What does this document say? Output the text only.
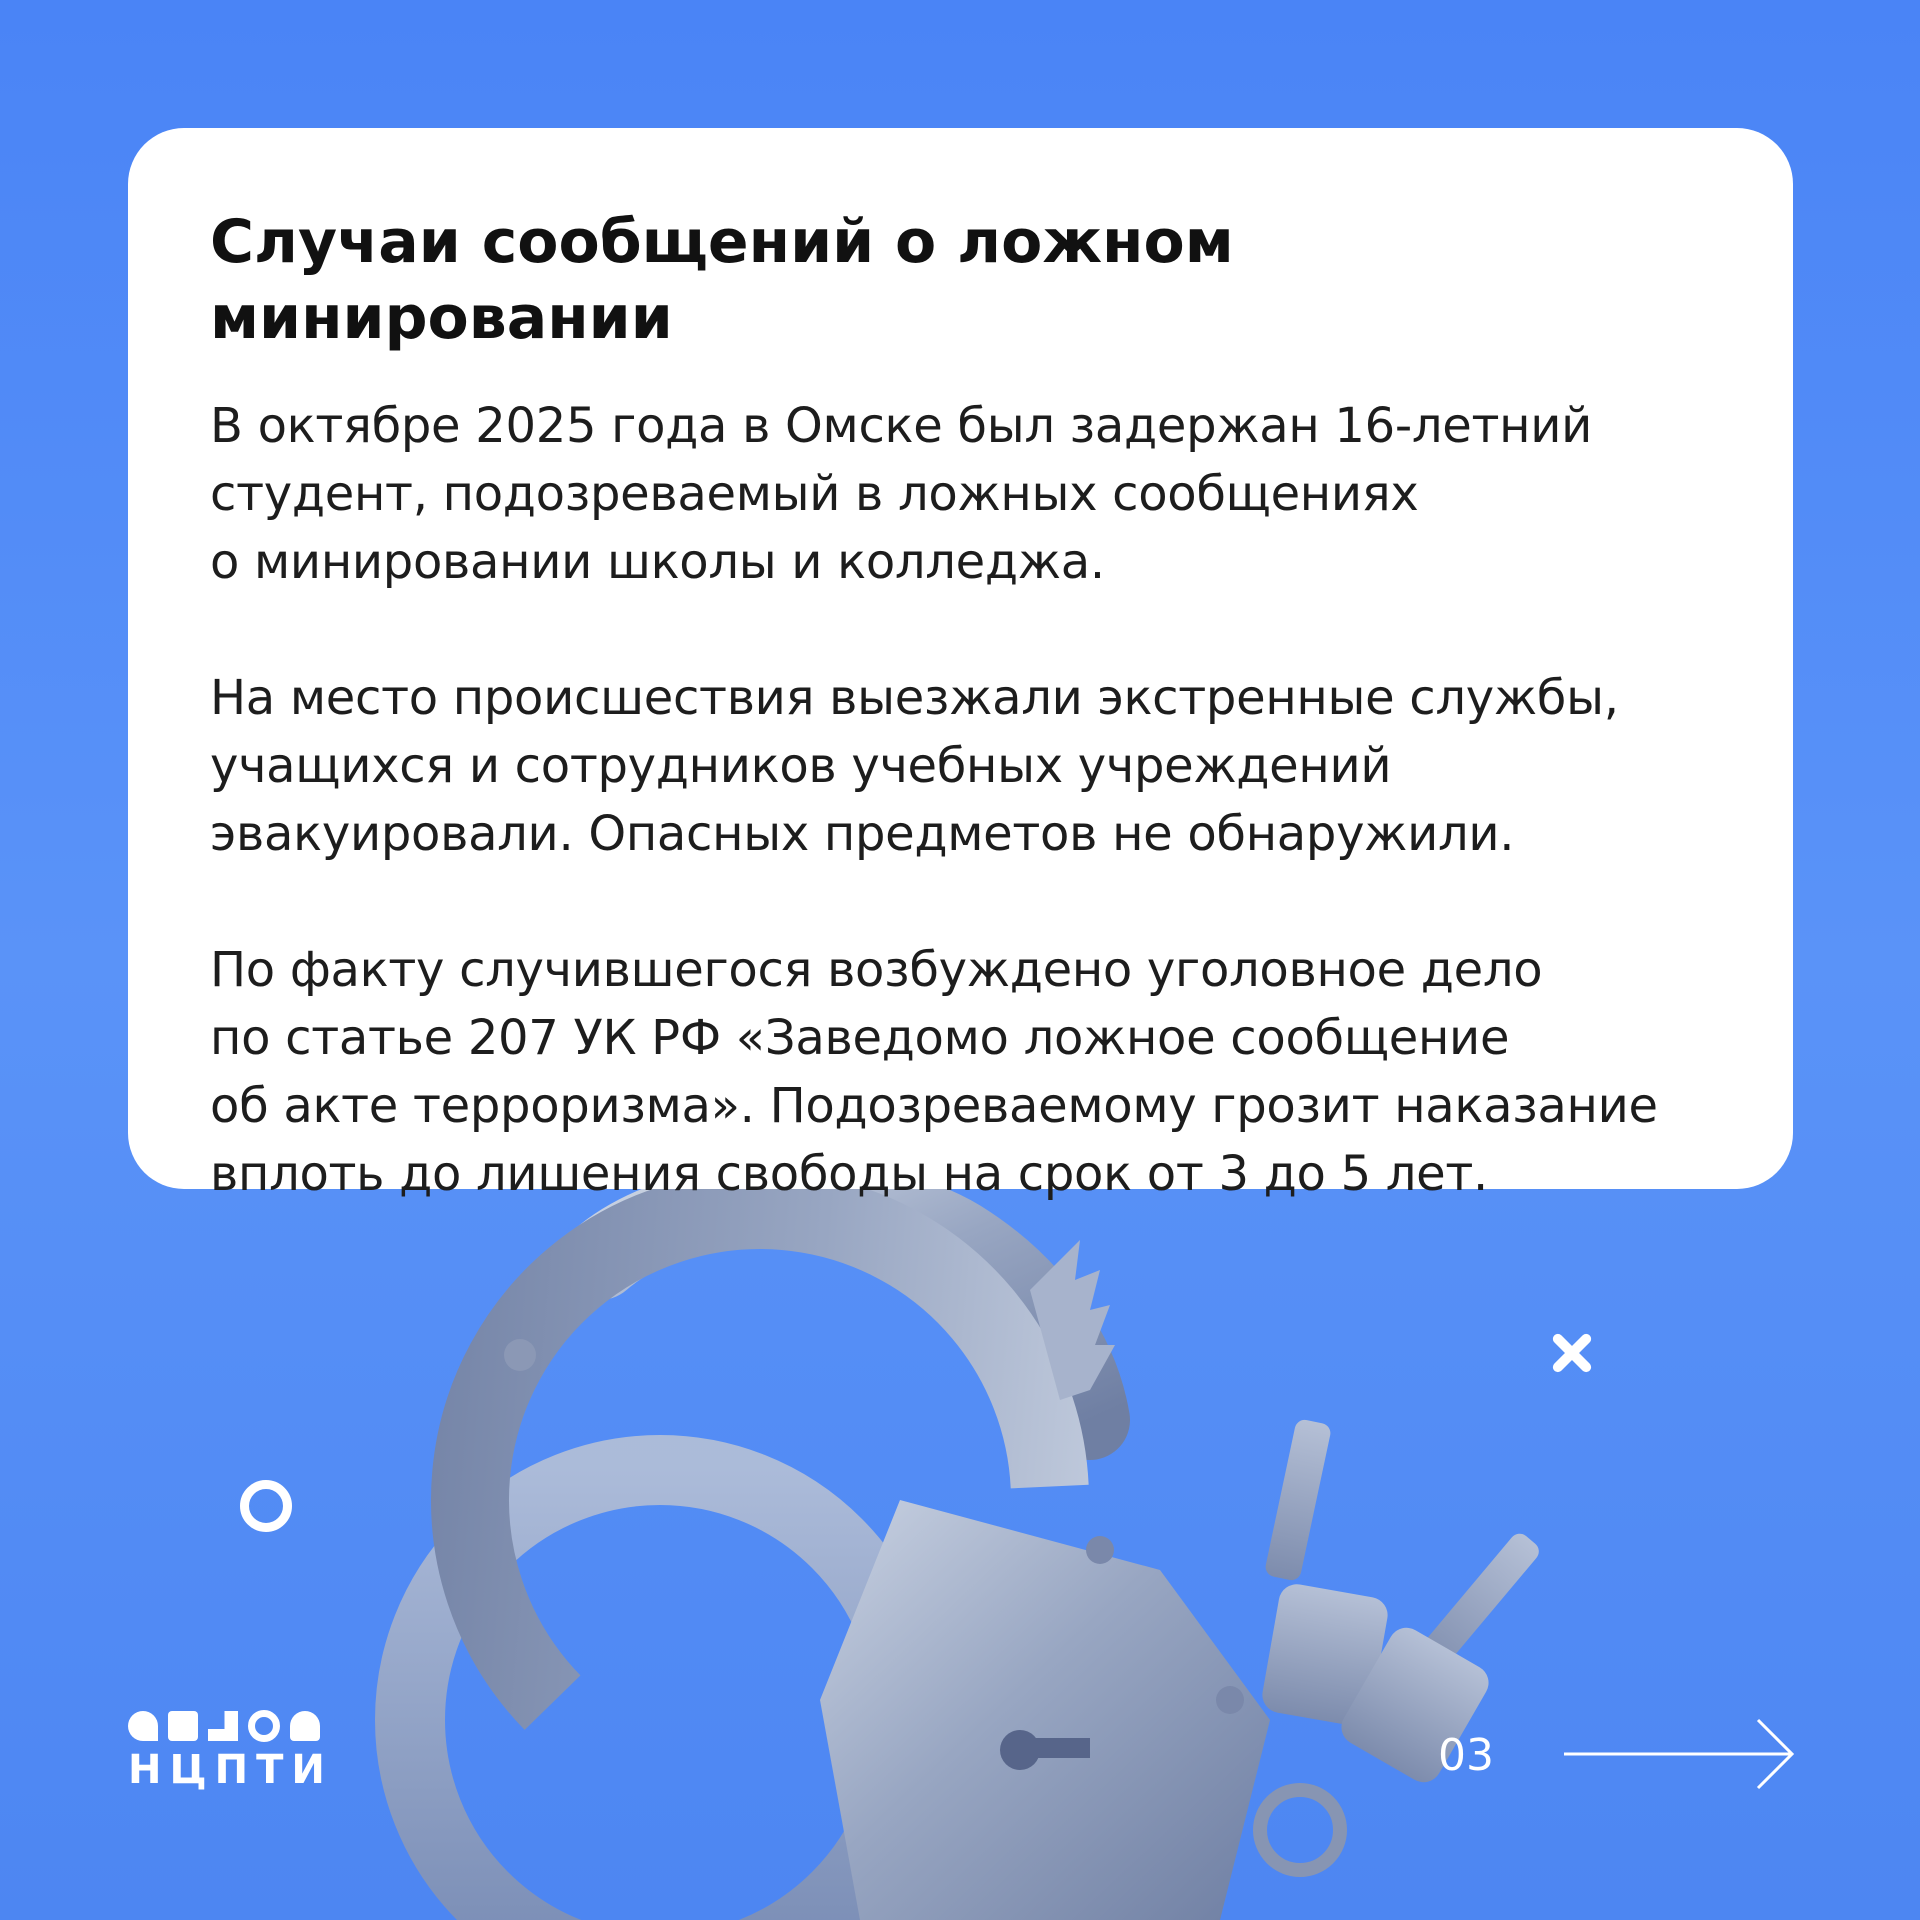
Случаи сообщений о ложном минировании

В октябре 2025 года в Омске был задержан 16-летний
студент, подозреваемый в ложных сообщениях
о минировании школы и колледжа.

На место происшествия выезжали экстренные службы,
учащихся и сотрудников учебных учреждений
эвакуировали. Опасных предметов не обнаружили.

По факту случившегося возбуждено уголовное дело
по статье 207 УК РФ «Заведомо ложное сообщение
об акте терроризма». Подозреваемому грозит наказание
вплоть до лишения свободы на срок от 3 до 5 лет.

НЦПТИ	03
